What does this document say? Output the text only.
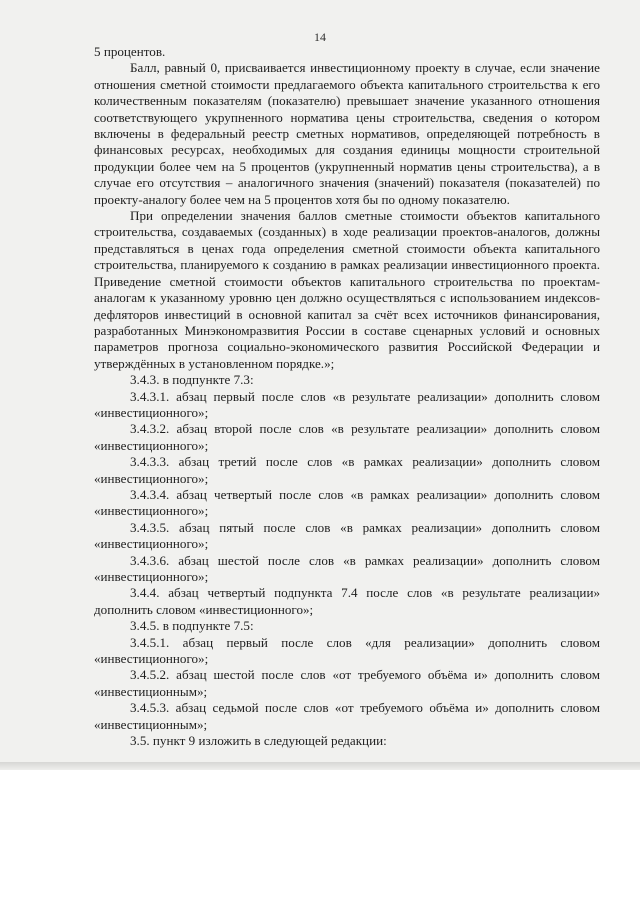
14

5 процентов.

Балл, равный 0, присваивается инвестиционному проекту в случае, если значение отношения сметной стоимости предлагаемого объекта капитального строительства к его количественным показателям (показателю) превышает значение указанного отношения соответствующего укрупненного норматива цены строительства, сведения о котором включены в федеральный реестр сметных нормативов, определяющей потребность в финансовых ресурсах, необходимых для создания единицы мощности строительной продукции более чем на 5 процентов (укрупненный норматив цены строительства), а в случае его отсутствия – аналогичного значения (значений) показателя (показателей) по проекту-аналогу более чем на 5 процентов хотя бы по одному показателю.

При определении значения баллов сметные стоимости объектов капитального строительства, создаваемых (созданных) в ходе реализации проектов-аналогов, должны представляться в ценах года определения сметной стоимости объекта капитального строительства, планируемого к созданию в рамках реализации инвестиционного проекта. Приведение сметной стоимости объектов капитального строительства по проектам-аналогам к указанному уровню цен должно осуществляться с использованием индексов-дефляторов инвестиций в основной капитал за счёт всех источников финансирования, разработанных Минэкономразвития России в составе сценарных условий и основных параметров прогноза социально-экономического развития Российской Федерации и утверждённых в установленном порядке.»;

3.4.3. в подпункте 7.3:

3.4.3.1. абзац первый после слов «в результате реализации» дополнить словом «инвестиционного»;

3.4.3.2. абзац второй после слов «в результате реализации» дополнить словом «инвестиционного»;

3.4.3.3. абзац третий после слов «в рамках реализации» дополнить словом «инвестиционного»;

3.4.3.4. абзац четвертый после слов «в рамках реализации» дополнить словом «инвестиционного»;

3.4.3.5. абзац пятый после слов «в рамках реализации» дополнить словом «инвестиционного»;

3.4.3.6. абзац шестой после слов «в рамках реализации» дополнить словом «инвестиционного»;

3.4.4. абзац четвертый подпункта 7.4 после слов «в результате реализации» дополнить словом «инвестиционного»;

3.4.5. в подпункте 7.5:

3.4.5.1. абзац первый после слов «для реализации» дополнить словом «инвестиционного»;

3.4.5.2. абзац шестой после слов «от требуемого объёма и» дополнить словом «инвестиционным»;

3.4.5.3. абзац седьмой после слов «от требуемого объёма и» дополнить словом «инвестиционным»;

3.5. пункт 9 изложить в следующей редакции:
